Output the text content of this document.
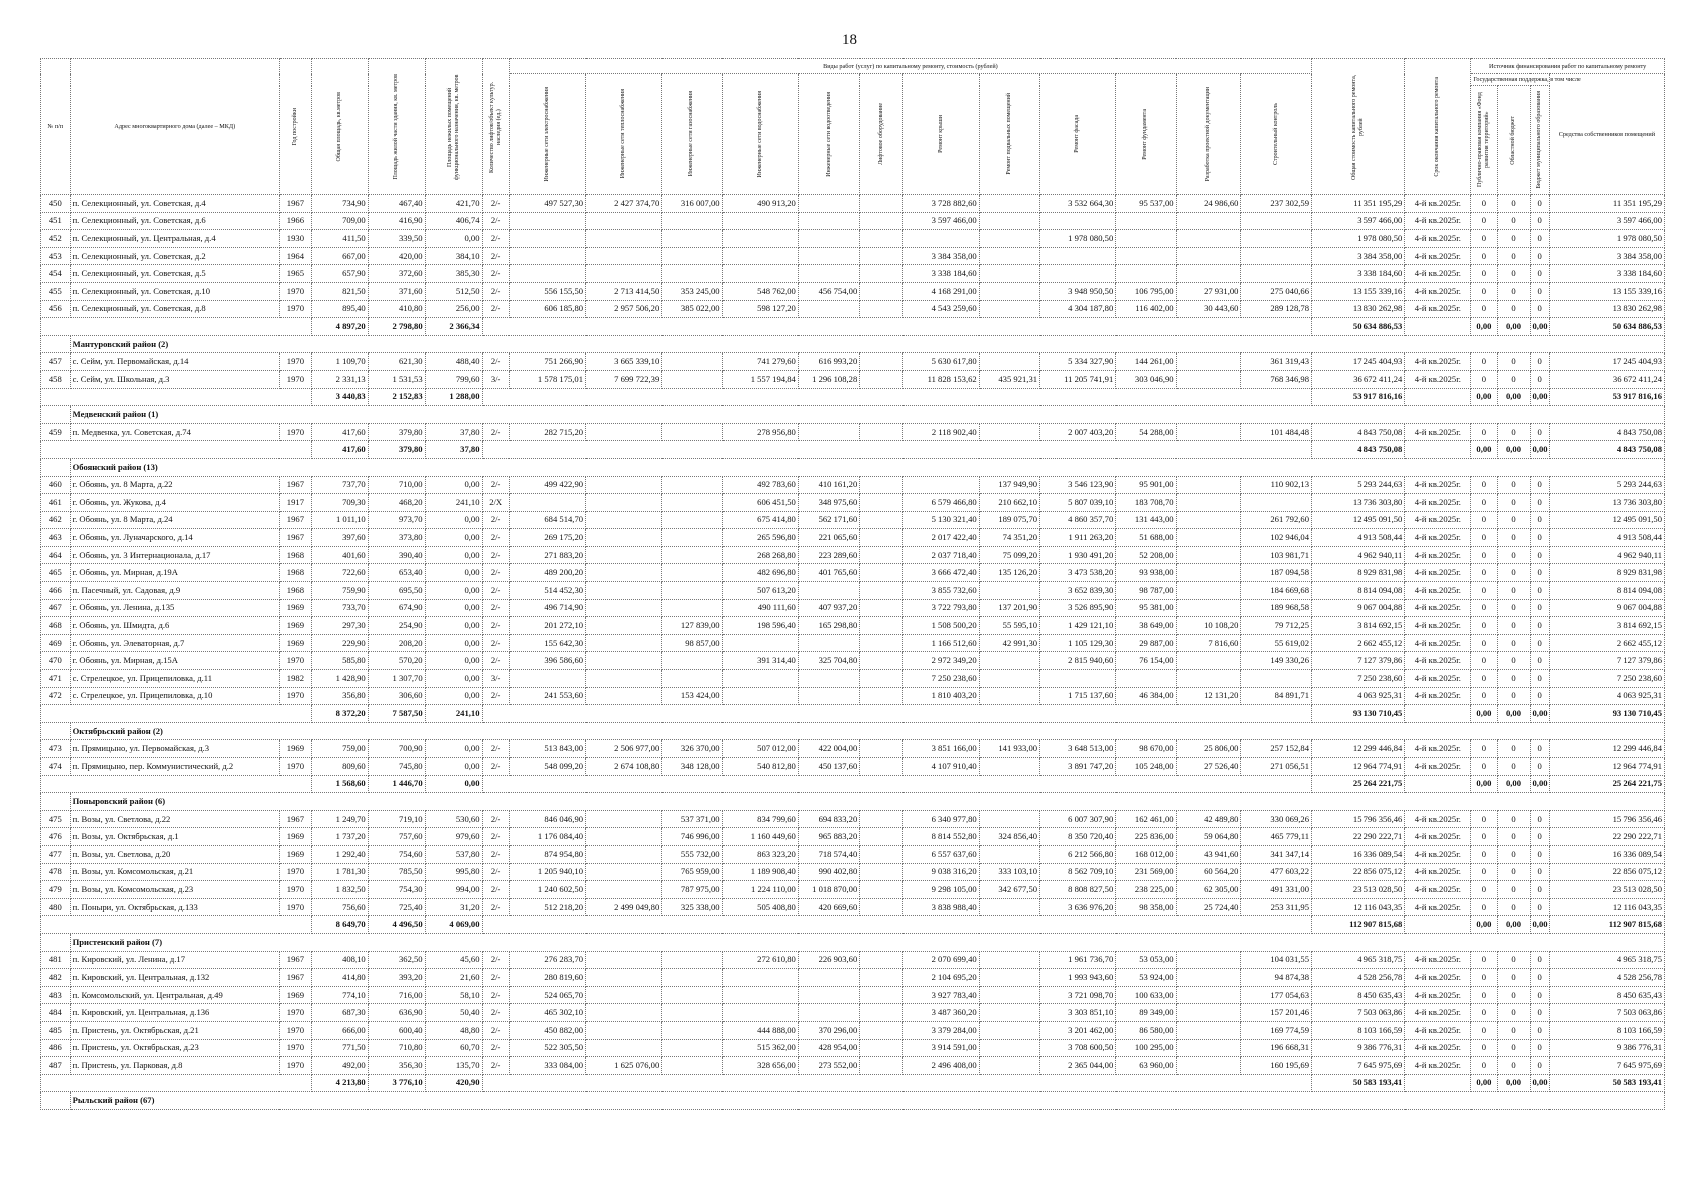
18
№ п/п	Адрес многоквартирного дома (далее – МКД)	Год постройки	Общая площадь, кв.метров	Площадь жилой части здания, кв. метров	Площадь нежилых помещений функционального назначения, кв. метров	Количество лифтов/объект культур. наследия (ед.)	Виды работ (услуг) по капитальному ремонту, стоимость (рублей)												Общая стоимость капитального ремонта, рублей	Срок окончания капитального ремонта	Источник финансирования работ по капитальному ремонту			

							Инженерные сети электроснабжения	Инженерные сети теплоснабжения	Инженерные сети газоснабжения	Инженерные сети водоснабжения	Инженерные сети водоотведения	Лифтовое оборудование	Ремонт крыши	Ремонт подвальных помещений	Ремонт фасада	Ремонт фундамента	Разработка проектной документации	Строительный контроль			Государственная поддержка, в том числе			Средства собственников помещений

																					Публично-правовая компания «Фонд развития территорий»	Областной бюджет	Бюджет муниципального образования	

450	п. Селекционный, ул. Советская, д.4	1967	734,90	467,40	421,70	2/-	497 527,30	2 427 374,70	316 007,00	490 913,20			3 728 882,60		3 532 664,30	95 537,00	24 986,60	237 302,59	11 351 195,29	4-й кв.2025г.	0	0	0	11 351 195,29
451	п. Селекционный, ул. Советская, д.6	1966	709,00	416,90	406,74	2/-							3 597 466,00						3 597 466,00	4-й кв.2025г.	0	0	0	3 597 466,00
452	п. Селекционный, ул. Центральная, д.4	1930	411,50	339,50	0,00	2/-									1 978 080,50				1 978 080,50	4-й кв.2025г.	0	0	0	1 978 080,50
453	п. Селекционный, ул. Советская, д.2	1964	667,00	420,00	384,10	2/-							3 384 358,00						3 384 358,00	4-й кв.2025г.	0	0	0	3 384 358,00
454	п. Селекционный, ул. Советская, д.5	1965	657,90	372,60	385,30	2/-							3 338 184,60						3 338 184,60	4-й кв.2025г.	0	0	0	3 338 184,60
455	п. Селекционный, ул. Советская, д.10	1970	821,50	371,60	512,50	2/-	556 155,50	2 713 414,50	353 245,00	548 762,00	456 754,00		4 168 291,00		3 948 950,50	106 795,00	27 931,00	275 040,66	13 155 339,16	4-й кв.2025г.	0	0	0	13 155 339,16
456	п. Селекционный, ул. Советская, д.8	1970	895,40	410,80	256,00	2/-	606 185,80	2 957 506,20	385 022,00	598 127,20			4 543 259,60		4 304 187,80	116 402,00	30 443,60	289 128,78	13 830 262,98	4-й кв.2025г.	0	0	0	13 830 262,98
			4 897,20	2 798,80	2 366,34														50 634 886,53		0,00	0,00	0,00	50 634 886,53
	Мантуровский район (2)																							
457	с. Сейм, ул. Первомайская, д.14	1970	1 109,70	621,30	488,40	2/-	751 266,90	3 665 339,10		741 279,60	616 993,20		5 630 617,80		5 334 327,90	144 261,00		361 319,43	17 245 404,93	4-й кв.2025г.	0	0	0	17 245 404,93
458	с. Сейм, ул. Школьная, д.3	1970	2 331,13	1 531,53	799,60	3/-	1 578 175,01	7 699 722,39		1 557 194,84	1 296 108,28		11 828 153,62	435 921,31	11 205 741,91	303 046,90		768 346,98	36 672 411,24	4-й кв.2025г.	0	0	0	36 672 411,24
			3 440,83	2 152,83	1 288,00														53 917 816,16		0,00	0,00	0,00	53 917 816,16
	Медвенский район (1)																							
459	п. Медвенка, ул. Советская, д.74	1970	417,60	379,80	37,80	2/-	282 715,20			278 956,80			2 118 902,40		2 007 403,20	54 288,00		101 484,48	4 843 750,08	4-й кв.2025г.	0	0	0	4 843 750,08
			417,60	379,80	37,80														4 843 750,08		0,00	0,00	0,00	4 843 750,08
	Обоянский район (13)																							
460	г. Обоянь, ул. 8 Марта, д.22	1967	737,70	710,00	0,00	2/-	499 422,90			492 783,60	410 161,20			137 949,90	3 546 123,90	95 901,00		110 902,13	5 293 244,63	4-й кв.2025г.	0	0	0	5 293 244,63
461	г. Обоянь, ул. Жукова, д.4	1917	709,30	468,20	241,10	2/X				606 451,50	348 975,60		6 579 466,80	210 662,10	5 807 039,10	183 708,70			13 736 303,80	4-й кв.2025г.	0	0	0	13 736 303,80
462	г. Обоянь, ул. 8 Марта, д.24	1967	1 011,10	973,70	0,00	2/-	684 514,70			675 414,80	562 171,60		5 130 321,40	189 075,70	4 860 357,70	131 443,00		261 792,60	12 495 091,50	4-й кв.2025г.	0	0	0	12 495 091,50
463	г. Обоянь, ул. Луначарского, д.14	1967	397,60	373,80	0,00	2/-	269 175,20			265 596,80	221 065,60		2 017 422,40	74 351,20	1 911 263,20	51 688,00		102 946,04	4 913 508,44	4-й кв.2025г.	0	0	0	4 913 508,44
464	г. Обоянь, ул. 3 Интернационала, д.17	1968	401,60	390,40	0,00	2/-	271 883,20			268 268,80	223 289,60		2 037 718,40	75 099,20	1 930 491,20	52 208,00		103 981,71	4 962 940,11	4-й кв.2025г.	0	0	0	4 962 940,11
465	г. Обоянь, ул. Мирная, д.19А	1968	722,60	653,40	0,00	2/-	489 200,20			482 696,80	401 765,60		3 666 472,40	135 126,20	3 473 538,20	93 938,00		187 094,58	8 929 831,98	4-й кв.2025г.	0	0	0	8 929 831,98
466	п. Пасечный, ул. Садовая, д.9	1968	759,90	695,50	0,00	2/-	514 452,30			507 613,20			3 855 732,60		3 652 839,30	98 787,00		184 669,68	8 814 094,08	4-й кв.2025г.	0	0	0	8 814 094,08
467	г. Обоянь, ул. Ленина, д.135	1969	733,70	674,90	0,00	2/-	496 714,90			490 111,60	407 937,20		3 722 793,80	137 201,90	3 526 895,90	95 381,00		189 968,58	9 067 004,88	4-й кв.2025г.	0	0	0	9 067 004,88
468	г. Обоянь, ул. Шмидта, д.6	1969	297,30	254,90	0,00	2/-	201 272,10		127 839,00	198 596,40	165 298,80		1 508 500,20	55 595,10	1 429 121,10	38 649,00	10 108,20	79 712,25	3 814 692,15	4-й кв.2025г.	0	0	0	3 814 692,15
469	г. Обоянь, ул. Элеваторная, д.7	1969	229,90	208,20	0,00	2/-	155 642,30		98 857,00				1 166 512,60	42 991,30	1 105 129,30	29 887,00	7 816,60	55 619,02	2 662 455,12	4-й кв.2025г.	0	0	0	2 662 455,12
470	г. Обоянь, ул. Мирная, д.15А	1970	585,80	570,20	0,00	2/-	396 586,60			391 314,40	325 704,80		2 972 349,20		2 815 940,60	76 154,00		149 330,26	7 127 379,86	4-й кв.2025г.	0	0	0	7 127 379,86
471	с. Стрелецкое, ул. Прицепиловка, д.11	1982	1 428,90	1 307,70	0,00	3/-							7 250 238,60						7 250 238,60	4-й кв.2025г.	0	0	0	7 250 238,60
472	с. Стрелецкое, ул. Прицепиловка, д.10	1970	356,80	306,60	0,00	2/-	241 553,60		153 424,00				1 810 403,20		1 715 137,60	46 384,00	12 131,20	84 891,71	4 063 925,31	4-й кв.2025г.	0	0	0	4 063 925,31
			8 372,20	7 587,50	241,10														93 130 710,45		0,00	0,00	0,00	93 130 710,45
	Октябрьский район (2)																							
473	п. Прямицыно, ул. Первомайская, д.3	1969	759,00	700,90	0,00	2/-	513 843,00	2 506 977,00	326 370,00	507 012,00	422 004,00		3 851 166,00	141 933,00	3 648 513,00	98 670,00	25 806,00	257 152,84	12 299 446,84	4-й кв.2025г.	0	0	0	12 299 446,84
474	п. Прямицыно, пер. Коммунистический, д.2	1970	809,60	745,80	0,00	2/-	548 099,20	2 674 108,80	348 128,00	540 812,80	450 137,60		4 107 910,40		3 891 747,20	105 248,00	27 526,40	271 056,51	12 964 774,91	4-й кв.2025г.	0	0	0	12 964 774,91
			1 568,60	1 446,70	0,00														25 264 221,75		0,00	0,00	0,00	25 264 221,75
	Поныровский район (6)																							
475	п. Возы, ул. Светлова, д.22	1967	1 249,70	719,10	530,60	2/-	846 046,90		537 371,00	834 799,60	694 833,20		6 340 977,80		6 007 307,90	162 461,00	42 489,80	330 069,26	15 796 356,46	4-й кв.2025г.	0	0	0	15 796 356,46
476	п. Возы, ул. Октябрьская, д.1	1969	1 737,20	757,60	979,60	2/-	1 176 084,40		746 996,00	1 160 449,60	965 883,20		8 814 552,80	324 856,40	8 350 720,40	225 836,00	59 064,80	465 779,11	22 290 222,71	4-й кв.2025г.	0	0	0	22 290 222,71
477	п. Возы, ул. Светлова, д.20	1969	1 292,40	754,60	537,80	2/-	874 954,80		555 732,00	863 323,20	718 574,40		6 557 637,60		6 212 566,80	168 012,00	43 941,60	341 347,14	16 336 089,54	4-й кв.2025г.	0	0	0	16 336 089,54
478	п. Возы, ул. Комсомольская, д.21	1970	1 781,30	785,50	995,80	2/-	1 205 940,10		765 959,00	1 189 908,40	990 402,80		9 038 316,20	333 103,10	8 562 709,10	231 569,00	60 564,20	477 603,22	22 856 075,12	4-й кв.2025г.	0	0	0	22 856 075,12
479	п. Возы, ул. Комсомольская, д.23	1970	1 832,50	754,30	994,00	2/-	1 240 602,50		787 975,00	1 224 110,00	1 018 870,00		9 298 105,00	342 677,50	8 808 827,50	238 225,00	62 305,00	491 331,00	23 513 028,50	4-й кв.2025г.	0	0	0	23 513 028,50
480	п. Поныри, ул. Октябрьская, д.133	1970	756,60	725,40	31,20	2/-	512 218,20	2 499 049,80	325 338,00	505 408,80	420 669,60		3 838 988,40		3 636 976,20	98 358,00	25 724,40	253 311,95	12 116 043,35	4-й кв.2025г.	0	0	0	12 116 043,35
			8 649,70	4 496,50	4 069,00														112 907 815,68		0,00	0,00	0,00	112 907 815,68
	Пристенский район (7)																							
481	п. Кировский, ул. Ленина, д.17	1967	408,10	362,50	45,60	2/-	276 283,70			272 610,80	226 903,60		2 070 699,40		1 961 736,70	53 053,00		104 031,55	4 965 318,75	4-й кв.2025г.	0	0	0	4 965 318,75
482	п. Кировский, ул. Центральная, д.132	1967	414,80	393,20	21,60	2/-	280 819,60						2 104 695,20		1 993 943,60	53 924,00		94 874,38	4 528 256,78	4-й кв.2025г.	0	0	0	4 528 256,78
483	п. Комсомольский, ул. Центральная, д.49	1969	774,10	716,00	58,10	2/-	524 065,70						3 927 783,40		3 721 098,70	100 633,00		177 054,63	8 450 635,43	4-й кв.2025г.	0	0	0	8 450 635,43
484	п. Кировский, ул. Центральная, д.136	1970	687,30	636,90	50,40	2/-	465 302,10						3 487 360,20		3 303 851,10	89 349,00		157 201,46	7 503 063,86	4-й кв.2025г.	0	0	0	7 503 063,86
485	п. Пристень, ул. Октябрьская, д.21	1970	666,00	600,40	48,80	2/-	450 882,00			444 888,00	370 296,00		3 379 284,00		3 201 462,00	86 580,00		169 774,59	8 103 166,59	4-й кв.2025г.	0	0	0	8 103 166,59
486	п. Пристень, ул. Октябрьская, д.23	1970	771,50	710,80	60,70	2/-	522 305,50			515 362,00	428 954,00		3 914 591,00		3 708 600,50	100 295,00		196 668,31	9 386 776,31	4-й кв.2025г.	0	0	0	9 386 776,31
487	п. Пристень, ул. Парковая, д.8	1970	492,00	356,30	135,70	2/-	333 084,00	1 625 076,00		328 656,00	273 552,00		2 496 408,00		2 365 044,00	63 960,00		160 195,69	7 645 975,69	4-й кв.2025г.	0	0	0	7 645 975,69
			4 213,80	3 776,10	420,90														50 583 193,41		0,00	0,00	0,00	50 583 193,41
	Рыльский район (67)																							
